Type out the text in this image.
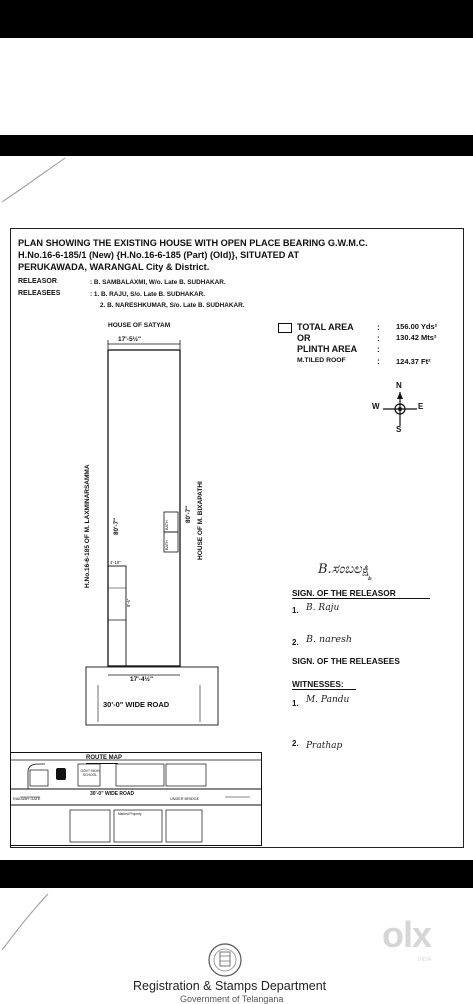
PLAN SHOWING THE EXISTING HOUSE WITH OPEN PLACE BEARING G.W.M.C.
H.No.16-6-185/1 (New) {H.No.16-6-185 (Part) (Old)}, SITUATED AT
PERUKAWADA, WARANGAL City & District.
RELEASOR	: B. SAMBALAXMI, W/o. Late B. SUDHAKAR.
RELEASEES	: 1. B. RAJU, S/o. Late B. SUDHAKAR.
2. B. NARESHKUMAR, S/o. Late B. SUDHAKAR.
HOUSE OF SATYAM
17'-5½"
H.No.16-6-185 OF M. LAXMINARSAMMA	HOUSE OF M. BIXAPATHI
80'-7"
80'-7"
BATH
BATH
4'-10"
8'-6"
17'-4½"
30'-0" WIDE ROAD
TOTAL AREA	: 156.00 Yds²
OR	: 130.42 Mts²
PLINTH AREA :
M.TILED ROOF	: 124.37 Ft²
N
S
E
W
B.ಸಂಬಲಕ್ಷ್ಮಿ
SIGN. OF THE RELEASOR
1. B. Raju
2. B. naresh
SIGN. OF THE RELEASEES
WITNESSES:
1. M. Pandu
2. Prathap
ROUTE MAP
GOVT HIGH SCHOOL
30'-0" WIDE ROAD
RAILWAY GATE	UNDER BRIDGE
Marked Property
Registration & Stamps Department
Government of Telangana
olx
INDIA
